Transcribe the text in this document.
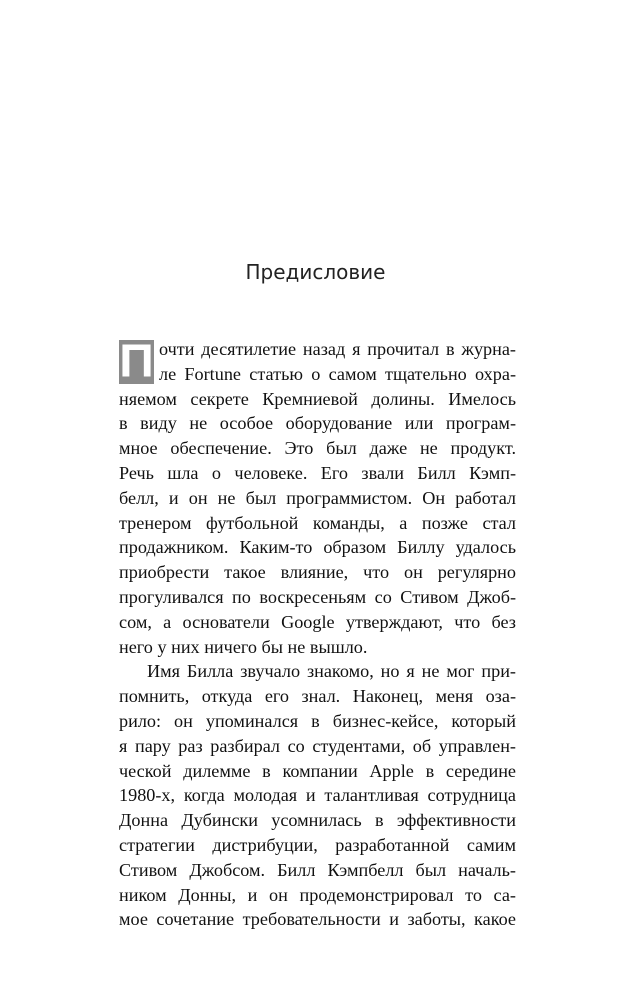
Предисловие
П очти десятилетие назад я прочитал в журна-
ле Fortune статью о самом тщательно охра-
няемом секрете Кремниевой долины. Имелось
в виду не особое оборудование или програм-
мное обеспечение. Это был даже не продукт.
Речь шла о человеке. Его звали Билл Кэмп-
белл, и он не был программистом. Он работал
тренером футбольной команды, а позже стал
продажником. Каким-то образом Биллу удалось
приобрести такое влияние, что он регулярно
прогуливался по воскресеньям со Стивом Джоб-
сом, а основатели Google утверждают, что без
него у них ничего бы не вышло.
Имя Билла звучало знакомо, но я не мог при-
помнить, откуда его знал. Наконец, меня оза-
рило: он упоминался в бизнес-кейсе, который
я пару раз разбирал со студентами, об управлен-
ческой дилемме в компании Apple в середине
1980-х, когда молодая и талантливая сотрудница
Донна Дубински усомнилась в эффективности
стратегии дистрибуции, разработанной самим
Стивом Джобсом. Билл Кэмпбелл был началь-
ником Донны, и он продемонстрировал то са-
мое сочетание требовательности и заботы, какое
